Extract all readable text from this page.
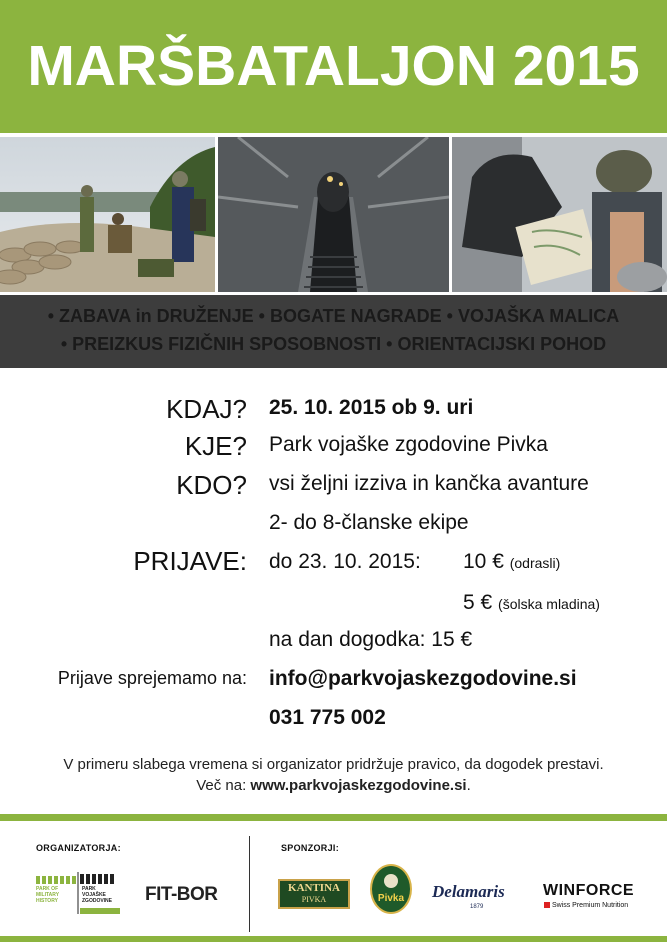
MARŠBATALJON 2015
• ZABAVA in DRUŽENJE • BOGATE NAGRADE • VOJAŠKA MALICA
• PREIZKUS FIZIČNIH SPOSOBNOSTI • ORIENTACIJSKI POHOD
KDAJ? 25. 10. 2015 ob 9. uri
KJE? Park vojaške zgodovine Pivka
KDO? vsi željni izziva in kančka avanture
2- do 8-članske ekipe
PRIJAVE: do 23. 10. 2015: 10 € (odrasli)
5 € (šolska mladina)
na dan dogodka: 15 €
Prijave sprejemamo na: info@parkvojaskezgodovine.si
031 775 002
V primeru slabega vremena si organizator pridržuje pravico, da dogodek prestavi.
Več na: www.parkvojaskezgodovine.si.
ORGANIZATORJA:	SPONZORJI:
PARK OF
MILITARY
HISTORY
PARK
VOJAŠKE
ZGODOVINE
PIVKA
FIT-BOR	KANTINA
PIVKA	Pivka	Delamaris
1879
WINFORCE
Swiss Premium Nutrition
